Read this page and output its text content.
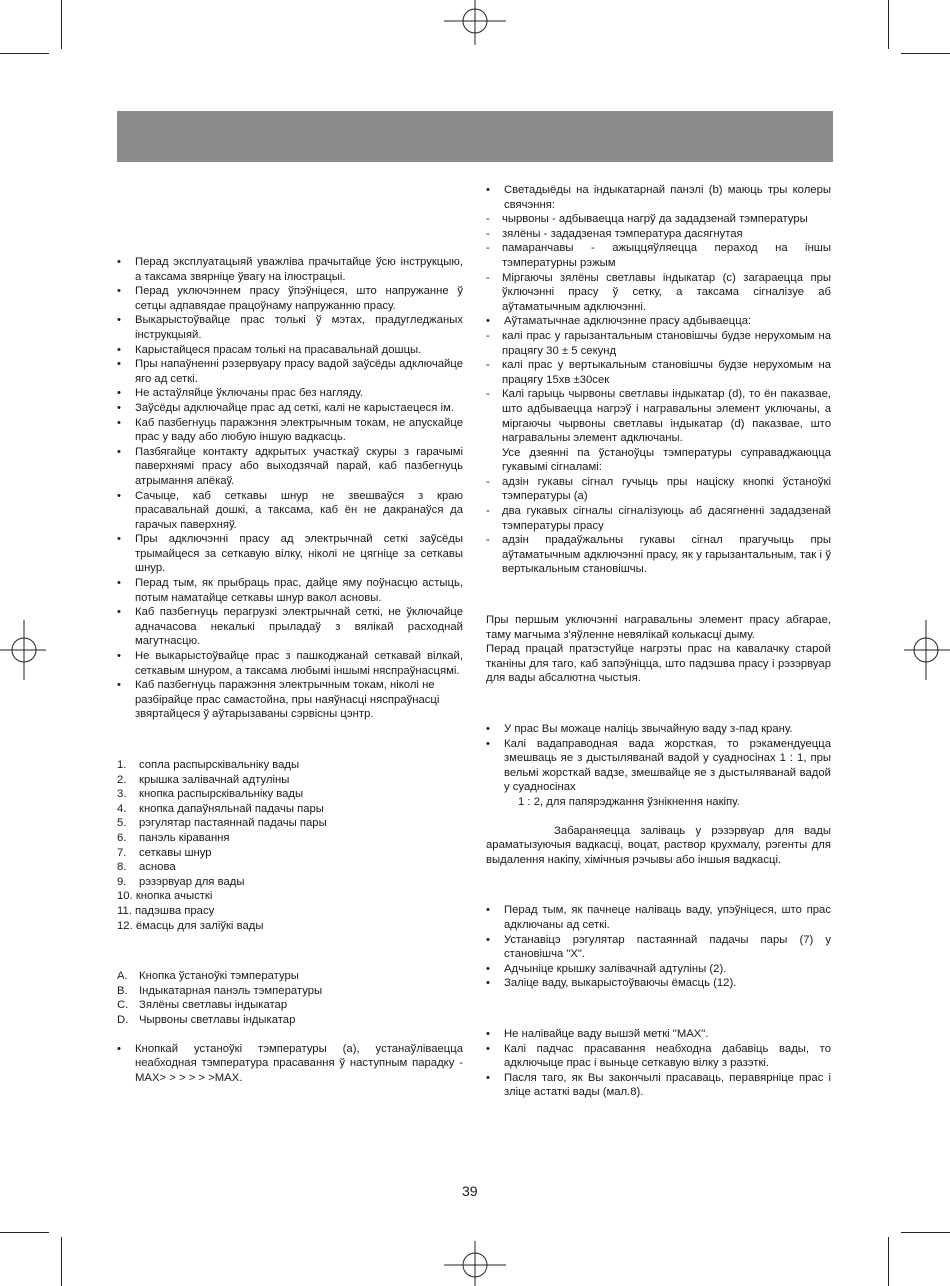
•	Перад эксплуатацыяй уважліва прачытайце ўсю інструкцыю, а таксама звярніце ўвагу на ілюстрацыі.
•	Перад уключэннем прасу ўпэўніцеся, што напружанне ў сетцы адпавядае працоўнаму напружанню прасу.
•	Выкарыстоўвайце прас толькі ў мэтах, прадугледжаных інструкцыяй.
•	Карыстайцеся прасам толькі на прасавальнай дошцы.
•	Пры напаўненні рэзервуару прасу вадой заўсёды адключайце яго ад сеткі.
•	Не астаўляйце ўключаны прас без нагляду.
•	Заўсёды адключайце прас ад сеткі, калі не карыстаецеся ім.
•	Каб пазбегнуць паражэння электрычным токам, не апускайце прас у ваду або любую іншую вадкасць.
•	Пазбягайце контакту адкрытых участкаў скуры з гарачымі паверхнямі прасу або выходзячай парай, каб пазбегнуць атрымання апёкаў.
•	Сачыце, каб сеткавы шнур не звешваўся з краю прасавальнай дошкі, а таксама, каб ён не дакранаўся да гарачых паверхняў.
•	Пры адключэнні прасу ад электрычнай сеткі заўсёды трымайцеся за сеткавую вілку, ніколі не цягніце за сеткавы шнур.
•	Перад тым, як прыбраць прас, дайце яму поўнасцю астыць, потым наматайце сеткавы шнур вакол асновы.
•	Каб пазбегнуць перагрузкі электрычнай сеткі, не ўключайце адначасова некалькі прыладаў з вялікай расходнай магутнасцю.
•	Не выкарыстоўвайце прас з пашкоджанай сеткавай вілкай, сеткавым шнуром, а таксама любымі іншымі няспраўнасцямі.
•	Каб пазбегнуць паражэння электрычным токам, ніколі не разбірайце прас самастойна, пры наяўнасці няспраўнасці звяртайцеся ў аўтарызаваны сэрвісны цэнтр.
1.	сопла распырсківальніку вады
2.	крышка залівачнай адтуліны
3.	кнопка распырсківальніку вады
4.	кнопка дапаўняльнай падачы пары
5.	рэгулятар пастаяннай падачы пары
6.	панэль кіравання
7.	сеткавы шнур
8.	аснова
9.	рэзэрвуар для вады
10. кнопка ачысткі
11. падэшва прасу
12. ёмасць для заліўкі вады
A.	Кнопка ўстаноўкі тэмпературы
B.	Індыкатарная панэль тэмпературы
C. Зялёны светлавы індыкатар
D. Чырвоны светлавы індыкатар
•	Кнопкай устаноўкі тэмпературы (а), устанаўліваецца неабходная тэмпература прасавання ў наступным парадку - MAX> > > > > >MAX.
•	Светадыёды на індыкатарнай панэлі (b) маюць тры колеры свячэння:
-	чырвоны - адбываецца нагрў да зададзенай тэмпературы
-	зялёны - зададзеная тэмпература дасягнутая
-	памаранчавы - ажыццяўляецца пераход на іншы тэмпературны рэжым
-	Міргаючы зялёны светлавы індыкатар (с) загараецца пры ўключэнні прасу ў сетку, а таксама сігналізуе аб аўтаматычным адключэнні.
•	Аўтаматычнае адключэнне прасу адбываецца:
-	калі прас у гарызантальным становішчы будзе нерухомым на працягу 30 ± 5 секунд
-	калі прас у вертыкальным становішчы будзе нерухомым на працягу 15хв ±30сек
-	Калі гарыць чырвоны светлавы індыкатар (d), то ён паказвае, што адбываецца нагрэў і награвальны элемент уключаны, а міргаючы чырвоны светлавы індыкатар (d) паказвае, што награвальны элемент адключаны.
Усе дзеянні па ўстаноўцы тэмпературы суправаджаюцца гукавымі сігналамі:
-	адзін гукавы сігнал гучыць пры націску кнопкі ўстаноўкі тэмпературы (а)
-	два гукавых сігналы сігналізуюць аб дасягненні зададзенай тэмпературы прасу
-	адзін прадаўжальны гукавы сігнал прагучыць пры аўтаматычным адключэнні прасу, як у гарызантальным, так і ў вертыкальным становішчы.
Пры першым уключэнні награвальны элемент прасу абгарае, таму магчыма з'яўленне невялікай колькасці дыму.
Перад працай пратэстуйце нагрэты прас на кавалачку старой тканіны для таго, каб запэўніцца, што падэшва прасу і рэзэрвуар для вады абсалютна чыстыя.
•	У прас Вы можаце наліць звычайную ваду з-пад крану.
•	Калі вадаправодная вада жорсткая, то рэкамендуецца змешваць яе з дыстыляванай вадой у суадносінах 1 : 1, пры вельмі жорсткай вадзе, змешвайце яе з дыстыляванай вадой у суадносінах
1 : 2, для папярэджання ўзнікнення накіпу.
Забараняецца заліваць у рэзэрвуар для вады араматызуючыя вадкасці, воцат, раствор крухмалу, рэгенты для выдалення накіпу, хімічныя рэчывы або іншыя вадкасці.
•	Перад тым, як пачнеце наліваць ваду, упэўніцеся, што прас адключаны ад сеткі.
•	Устанавіцэ рэгулятар пастаяннай падачы пары (7) у становішча "X".
•	Адчыніце крышку залівачнай адтуліны (2).
•	Заліце ваду, выкарыстоўваючы ёмасць (12).
•	Не налівайце ваду вышэй меткі "MAX".
•	Калі падчас прасавання неабходна дабавіць вады, то адключыце прас і выньце сеткавую вілку з разэткі.
•	Пасля таго, як Вы закончылі прасаваць, перавярніце прас і зліце астаткі вады (мал.8).
39
